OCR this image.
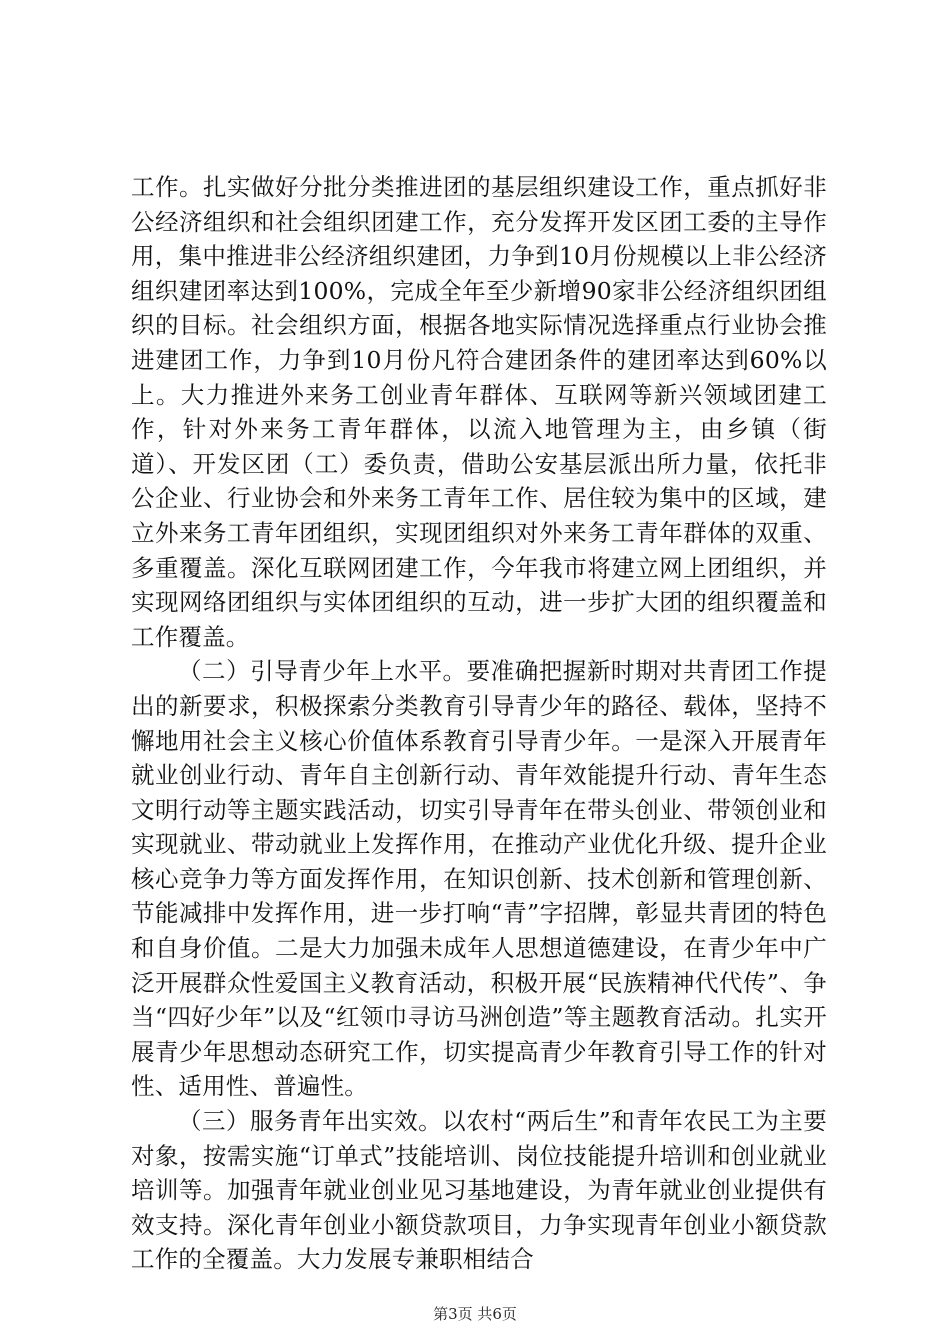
工作。扎实做好分批分类推进团的基层组织建设工作，重点抓好非公经济组织和社会组织团建工作，充分发挥开发区团工委的主导作用，集中推进非公经济组织建团，力争到10月份规模以上非公经济组织建团率达到100%，完成全年至少新增90家非公经济组织团组织的目标。社会组织方面，根据各地实际情况选择重点行业协会推进建团工作，力争到10月份凡符合建团条件的建团率达到60%以上。大力推进外来务工创业青年群体、互联网等新兴领域团建工作，针对外来务工青年群体，以流入地管理为主，由乡镇（街道）、开发区团（工）委负责，借助公安基层派出所力量，依托非公企业、行业协会和外来务工青年工作、居住较为集中的区域，建立外来务工青年团组织，实现团组织对外来务工青年群体的双重、多重覆盖。深化互联网团建工作，今年我市将建立网上团组织，并实现网络团组织与实体团组织的互动，进一步扩大团的组织覆盖和工作覆盖。

（二）引导青少年上水平。要准确把握新时期对共青团工作提出的新要求，积极探索分类教育引导青少年的路径、载体，坚持不懈地用社会主义核心价值体系教育引导青少年。一是深入开展青年就业创业行动、青年自主创新行动、青年效能提升行动、青年生态文明行动等主题实践活动，切实引导青年在带头创业、带领创业和实现就业、带动就业上发挥作用，在推动产业优化升级、提升企业核心竞争力等方面发挥作用，在知识创新、技术创新和管理创新、节能减排中发挥作用，进一步打响“青”字招牌，彰显共青团的特色和自身价值。二是大力加强未成年人思想道德建设，在青少年中广泛开展群众性爱国主义教育活动，积极开展“民族精神代代传”、争当“四好少年”以及“红领巾寻访马洲创造”等主题教育活动。扎实开展青少年思想动态研究工作，切实提高青少年教育引导工作的针对性、适用性、普遍性。

（三）服务青年出实效。以农村“两后生”和青年农民工为主要对象，按需实施“订单式”技能培训、岗位技能提升培训和创业就业培训等。加强青年就业创业见习基地建设，为青年就业创业提供有效支持。深化青年创业小额贷款项目，力争实现青年创业小额贷款工作的全覆盖。大力发展专兼职相结合

第3页 共6页
